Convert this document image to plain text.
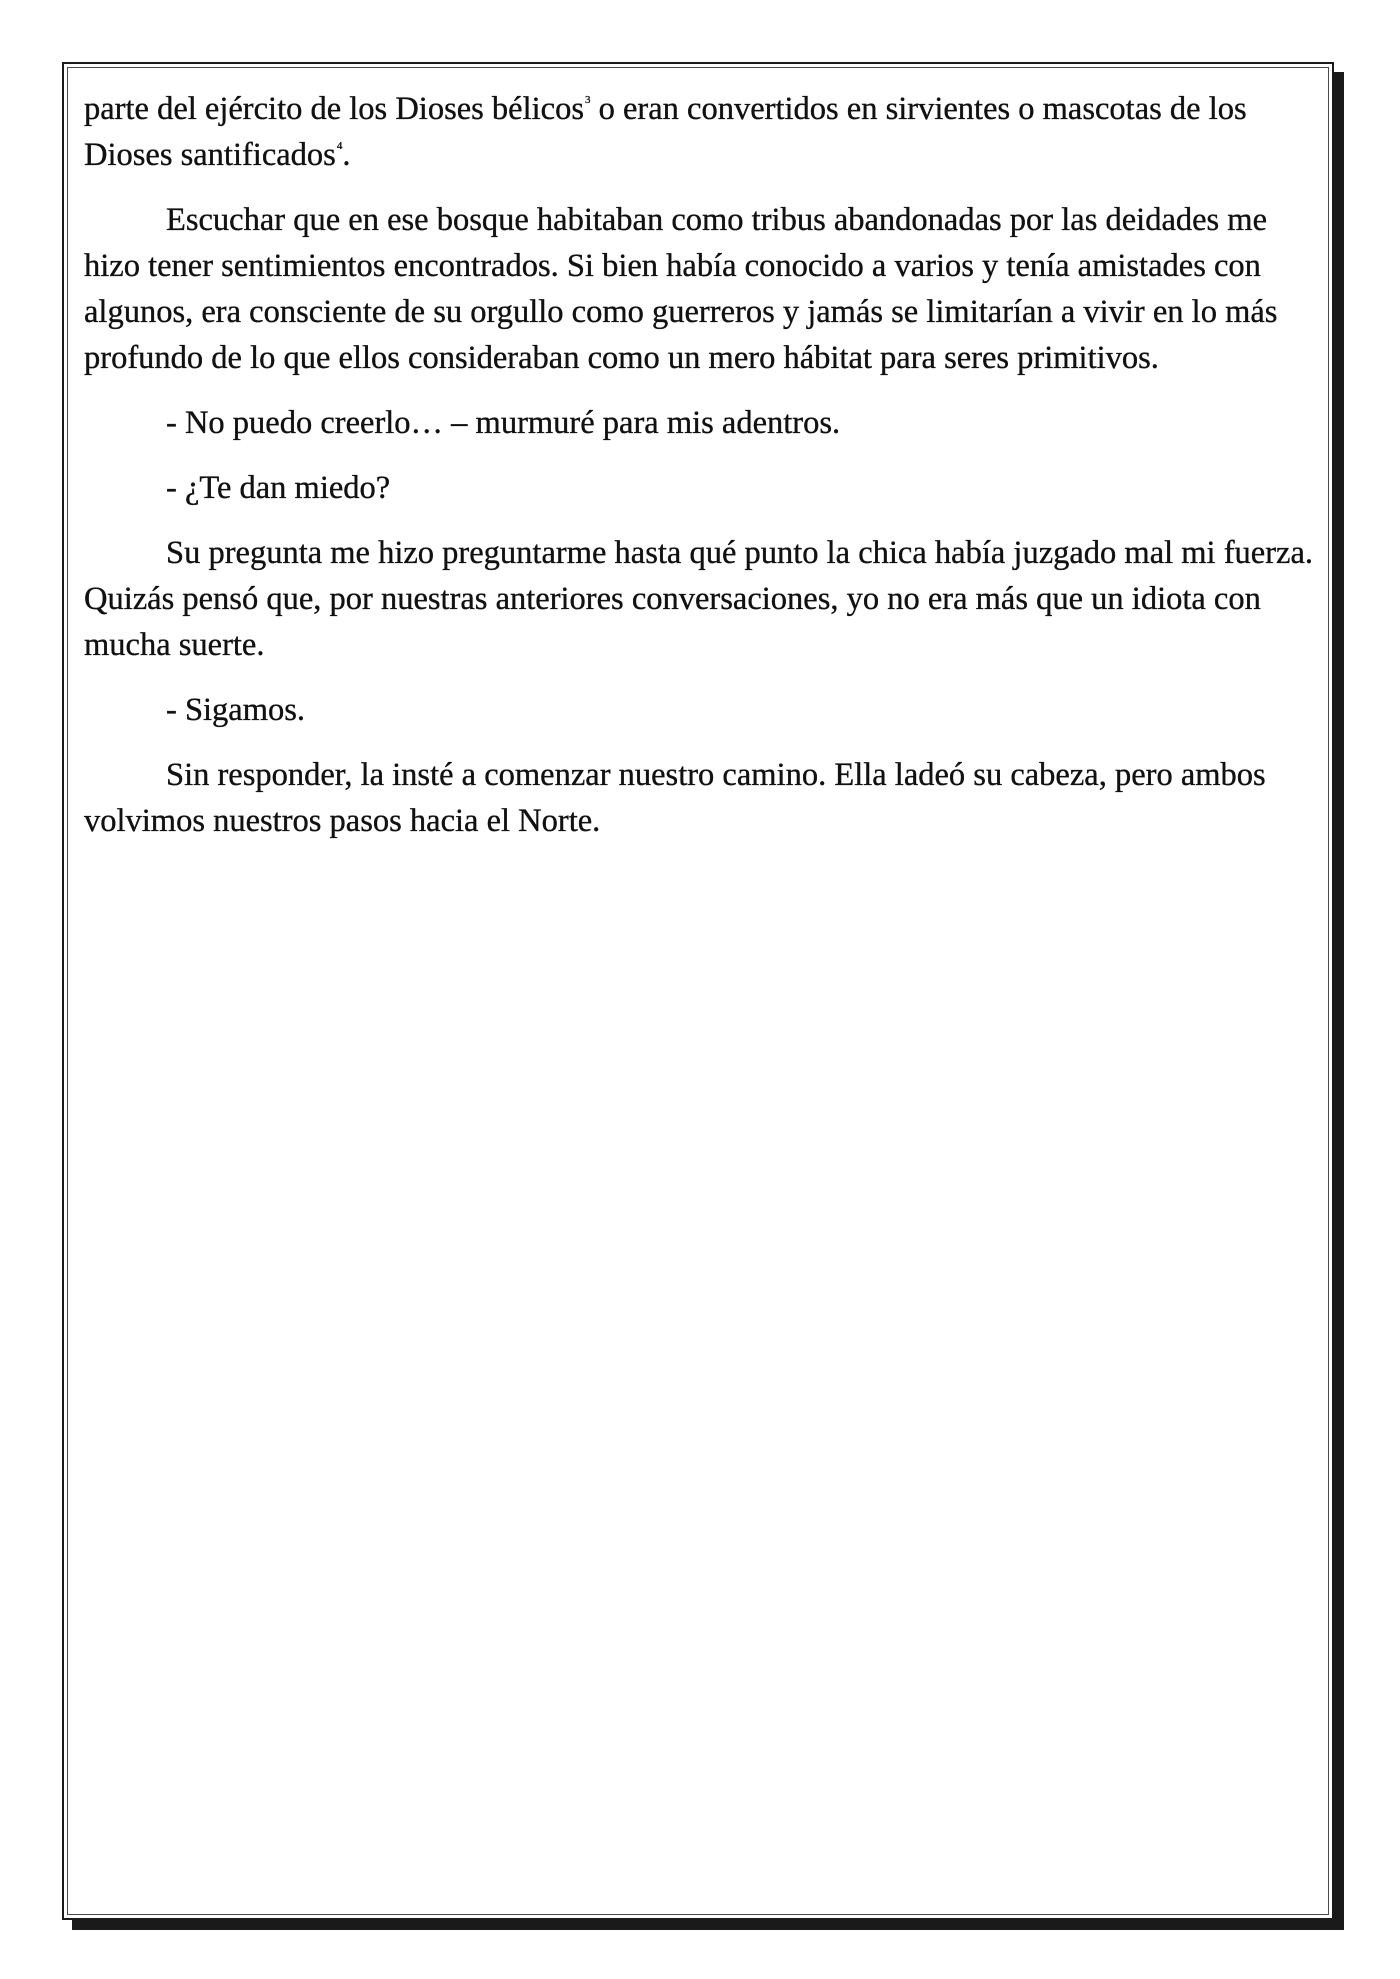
parte del ejército de los Dioses bélicos$^3$ o eran convertidos en sirvientes o mascotas de los Dioses santificados$^4$.

Escuchar que en ese bosque habitaban como tribus abandonadas por las deidades me hizo tener sentimientos encontrados. Si bien había conocido a varios y tenía amistades con algunos, era consciente de su orgullo como guerreros y jamás se limitarían a vivir en lo más profundo de lo que ellos consideraban como un mero hábitat para seres primitivos.

- No puedo creerlo… – murmuré para mis adentros.

- ¿Te dan miedo?

Su pregunta me hizo preguntarme hasta qué punto la chica había juzgado mal mi fuerza. Quizás pensó que, por nuestras anteriores conversaciones, yo no era más que un idiota con mucha suerte.

- Sigamos.

Sin responder, la insté a comenzar nuestro camino. Ella ladeó su cabeza, pero ambos volvimos nuestros pasos hacia el Norte.
